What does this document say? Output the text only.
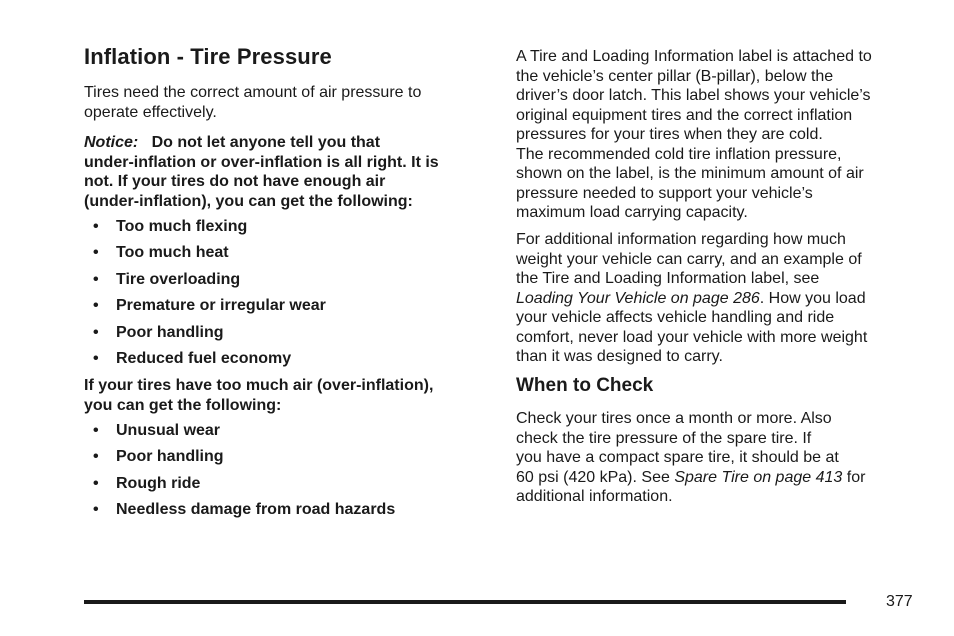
Inflation - Tire Pressure

Tires need the correct amount of air pressure to
operate effectively.

Notice: Do not let anyone tell you that
under-inflation or over-inflation is all right. It is
not. If your tires do not have enough air
(under-inflation), you can get the following:

• Too much flexing
• Too much heat
• Tire overloading
• Premature or irregular wear
• Poor handling
• Reduced fuel economy

If your tires have too much air (over-inflation),
you can get the following:

• Unusual wear
• Poor handling
• Rough ride
• Needless damage from road hazards

A Tire and Loading Information label is attached to
the vehicle’s center pillar (B-pillar), below the
driver’s door latch. This label shows your vehicle’s
original equipment tires and the correct inflation
pressures for your tires when they are cold.
The recommended cold tire inflation pressure,
shown on the label, is the minimum amount of air
pressure needed to support your vehicle’s
maximum load carrying capacity.

For additional information regarding how much
weight your vehicle can carry, and an example of
the Tire and Loading Information label, see
Loading Your Vehicle on page 286. How you load
your vehicle affects vehicle handling and ride
comfort, never load your vehicle with more weight
than it was designed to carry.

When to Check

Check your tires once a month or more. Also
check the tire pressure of the spare tire. If
you have a compact spare tire, it should be at
60 psi (420 kPa). See Spare Tire on page 413 for
additional information.

377
